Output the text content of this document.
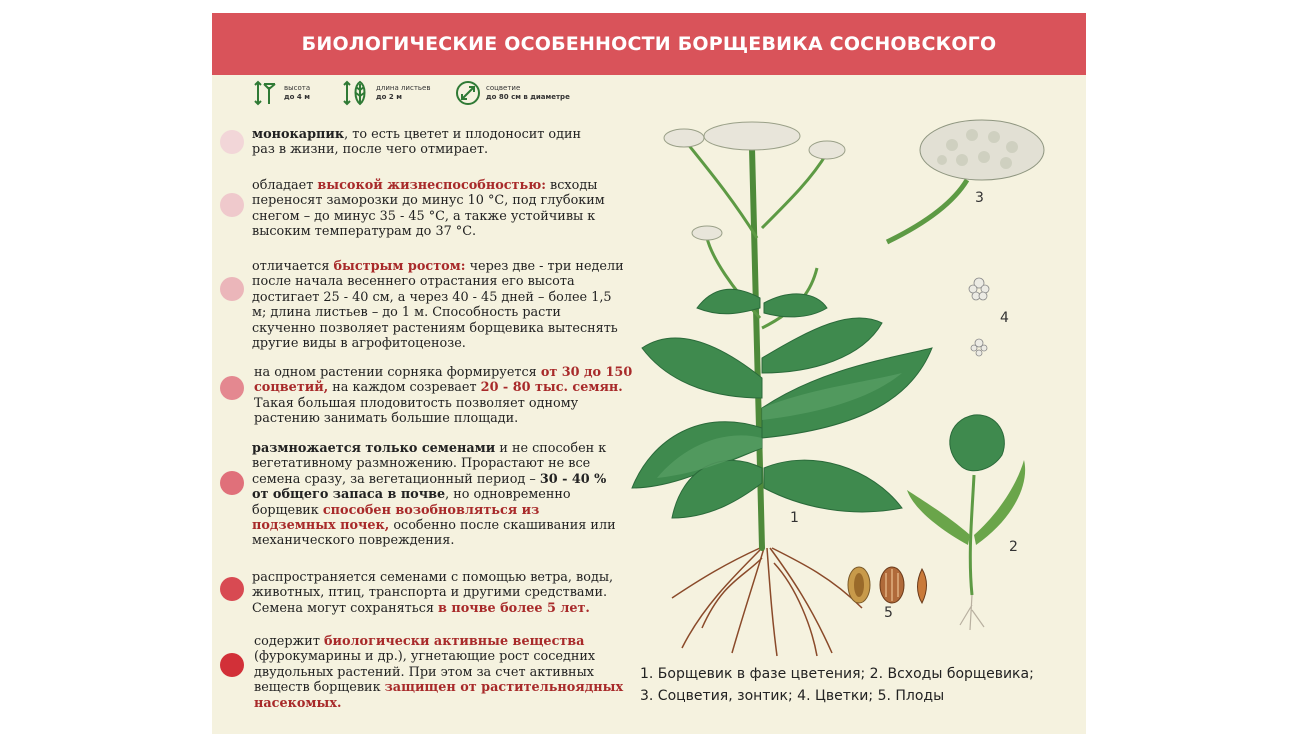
БИОЛОГИЧЕСКИЕ ОСОБЕННОСТИ БОРЩЕВИКА СОСНОВСКОГО
высота
до 4 м
длина листьев
до 2 м
соцветие
до 80 см в диаметре
монокарпик, то есть цветет и плодоносит один раз в жизни, после чего отмирает.
обладает высокой жизнеспособностью: всходы переносят заморозки до минус 10 °С, под глубоким снегом – до минус 35 - 45 °С, а также устойчивы к высоким температурам до 37 °С.
отличается быстрым ростом: через две - три недели после начала весеннего отрастания его высота достигает 25 - 40 см, а через 40 - 45 дней – более 1,5 м; длина листьев – до 1 м. Способность расти скученно позволяет растениям борщевика вытеснять другие виды в агрофитоценозе.
на одном растении сорняка формируется от 30 до 150 соцветий, на каждом созревает 20 - 80 тыс. семян. Такая большая плодовитость позволяет одному растению занимать большие площади.
размножается только семенами и не способен к вегетативному размножению. Прорастают не все семена сразу, за вегетационный период – 30 - 40 % от общего запаса в почве, но одновременно борщевик способен возобновляться из подземных почек, особенно после скашивания или механического повреждения.
распространяется семенами с помощью ветра, воды, животных, птиц, транспорта и другими средствами. Семена могут сохраняться в почве более 5 лет.
содержит биологически активные вещества (фурокумарины и др.), угнетающие рост соседних двудольных растений. При этом за счет активных веществ борщевик защищен от растительноядных насекомых.
1
3
4
2
5
1. Борщевик в фазе цветения; 2. Всходы борщевика;
3. Соцветия, зонтик; 4. Цветки; 5. Плоды
